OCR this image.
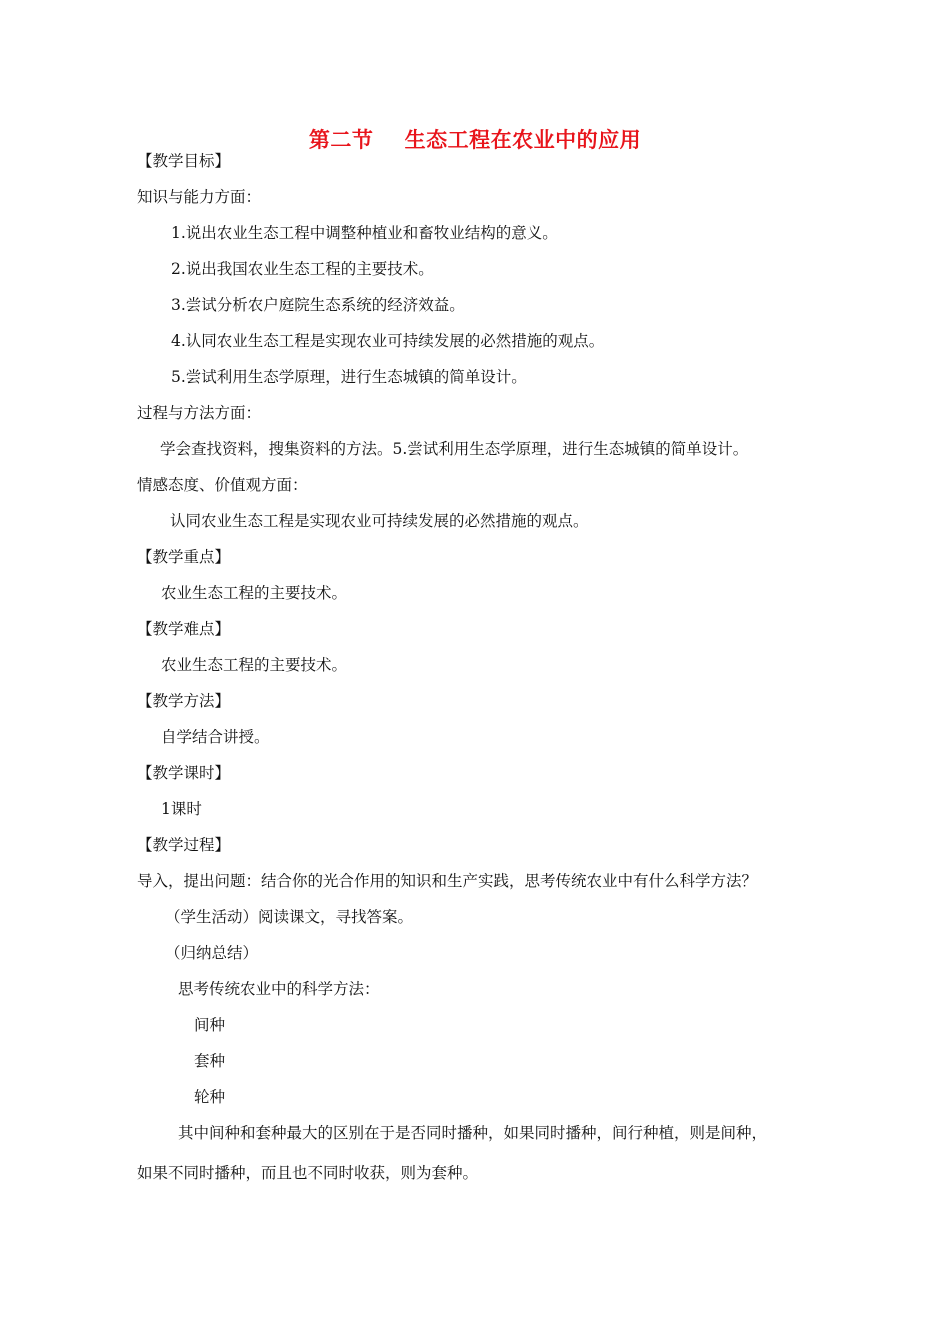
第二节    生态工程在农业中的应用
【教学目标】
知识与能力方面：
1.说出农业生态工程中调整种植业和畜牧业结构的意义。
2.说出我国农业生态工程的主要技术。
3.尝试分析农户庭院生态系统的经济效益。
4.认同农业生态工程是实现农业可持续发展的必然措施的观点。
5.尝试利用生态学原理，进行生态城镇的简单设计。
过程与方法方面：
学会查找资料，搜集资料的方法。5.尝试利用生态学原理，进行生态城镇的简单设计。
情感态度、价值观方面：
认同农业生态工程是实现农业可持续发展的必然措施的观点。
【教学重点】
农业生态工程的主要技术。
【教学难点】
农业生态工程的主要技术。
【教学方法】
自学结合讲授。
【教学课时】
1课时
【教学过程】
导入，提出问题：结合你的光合作用的知识和生产实践，思考传统农业中有什么科学方法？
（学生活动）阅读课文，寻找答案。
（归纳总结）
思考传统农业中的科学方法：
间种
套种
轮种
其中间种和套种最大的区别在于是否同时播种，如果同时播种，间行种植，则是间种，
如果不同时播种，而且也不同时收获，则为套种。
